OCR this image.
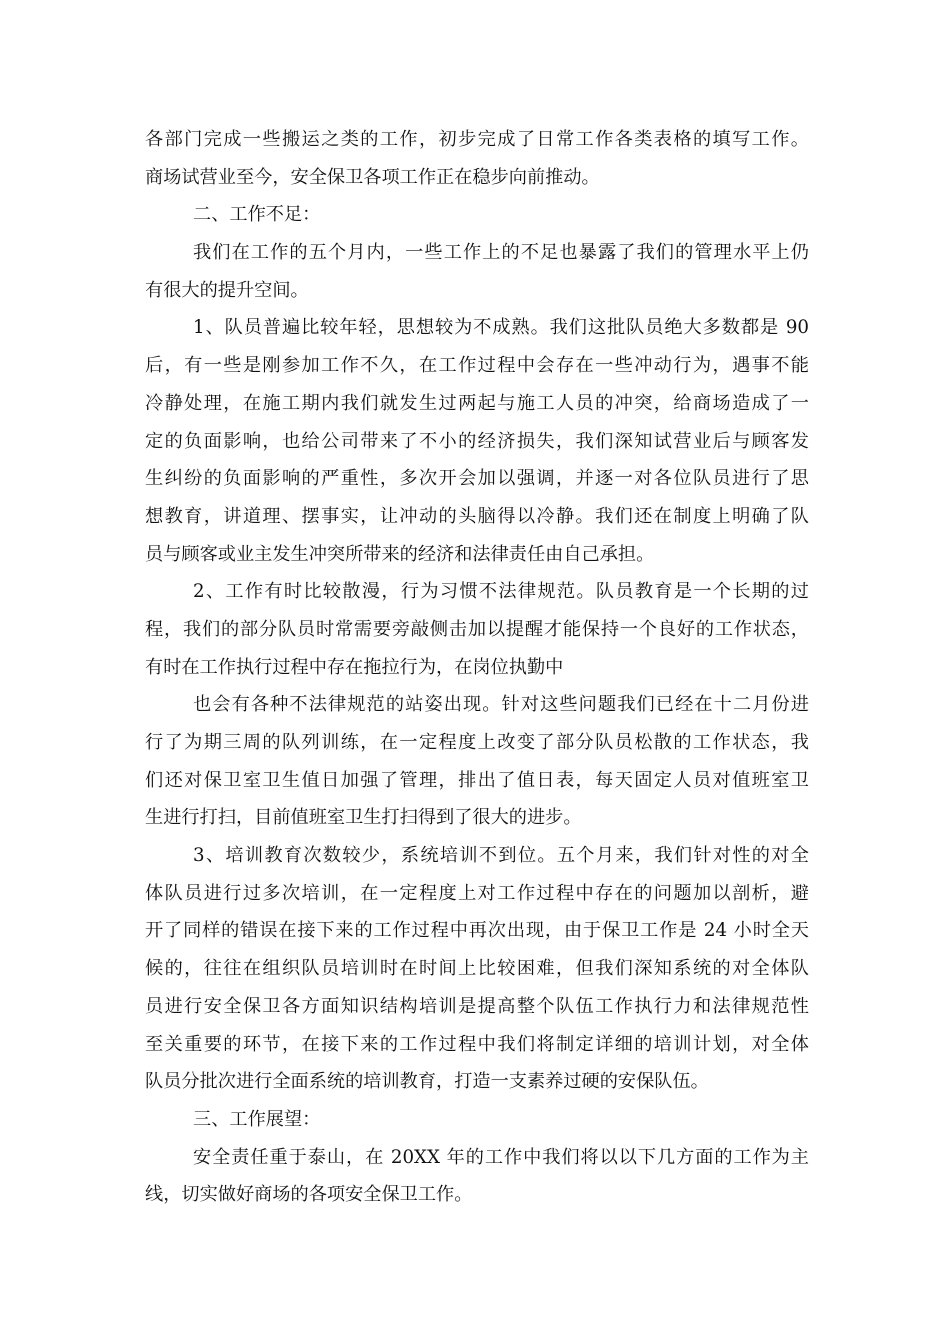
各部门完成一些搬运之类的工作，初步完成了日常工作各类表格的填写工作。
商场试营业至今，安全保卫各项工作正在稳步向前推动。
二、工作不足：
我们在工作的五个月内，一些工作上的不足也暴露了我们的管理水平上仍
有很大的提升空间。
1、队员普遍比较年轻，思想较为不成熟。我们这批队员绝大多数都是 90
后，有一些是刚参加工作不久，在工作过程中会存在一些冲动行为，遇事不能
冷静处理，在施工期内我们就发生过两起与施工人员的冲突，给商场造成了一
定的负面影响，也给公司带来了不小的经济损失，我们深知试营业后与顾客发
生纠纷的负面影响的严重性，多次开会加以强调，并逐一对各位队员进行了思
想教育，讲道理、摆事实，让冲动的头脑得以冷静。我们还在制度上明确了队
员与顾客或业主发生冲突所带来的经济和法律责任由自己承担。
2、工作有时比较散漫，行为习惯不法律规范。队员教育是一个长期的过
程，我们的部分队员时常需要旁敲侧击加以提醒才能保持一个良好的工作状态，
有时在工作执行过程中存在拖拉行为，在岗位执勤中
也会有各种不法律规范的站姿出现。针对这些问题我们已经在十二月份进
行了为期三周的队列训练，在一定程度上改变了部分队员松散的工作状态，我
们还对保卫室卫生值日加强了管理，排出了值日表，每天固定人员对值班室卫
生进行打扫，目前值班室卫生打扫得到了很大的进步。
3、培训教育次数较少，系统培训不到位。五个月来，我们针对性的对全
体队员进行过多次培训，在一定程度上对工作过程中存在的问题加以剖析，避
开了同样的错误在接下来的工作过程中再次出现，由于保卫工作是 24 小时全天
候的，往往在组织队员培训时在时间上比较困难，但我们深知系统的对全体队
员进行安全保卫各方面知识结构培训是提高整个队伍工作执行力和法律规范性
至关重要的环节，在接下来的工作过程中我们将制定详细的培训计划，对全体
队员分批次进行全面系统的培训教育，打造一支素养过硬的安保队伍。
三、工作展望：
安全责任重于泰山，在 20XX 年的工作中我们将以以下几方面的工作为主
线，切实做好商场的各项安全保卫工作。
